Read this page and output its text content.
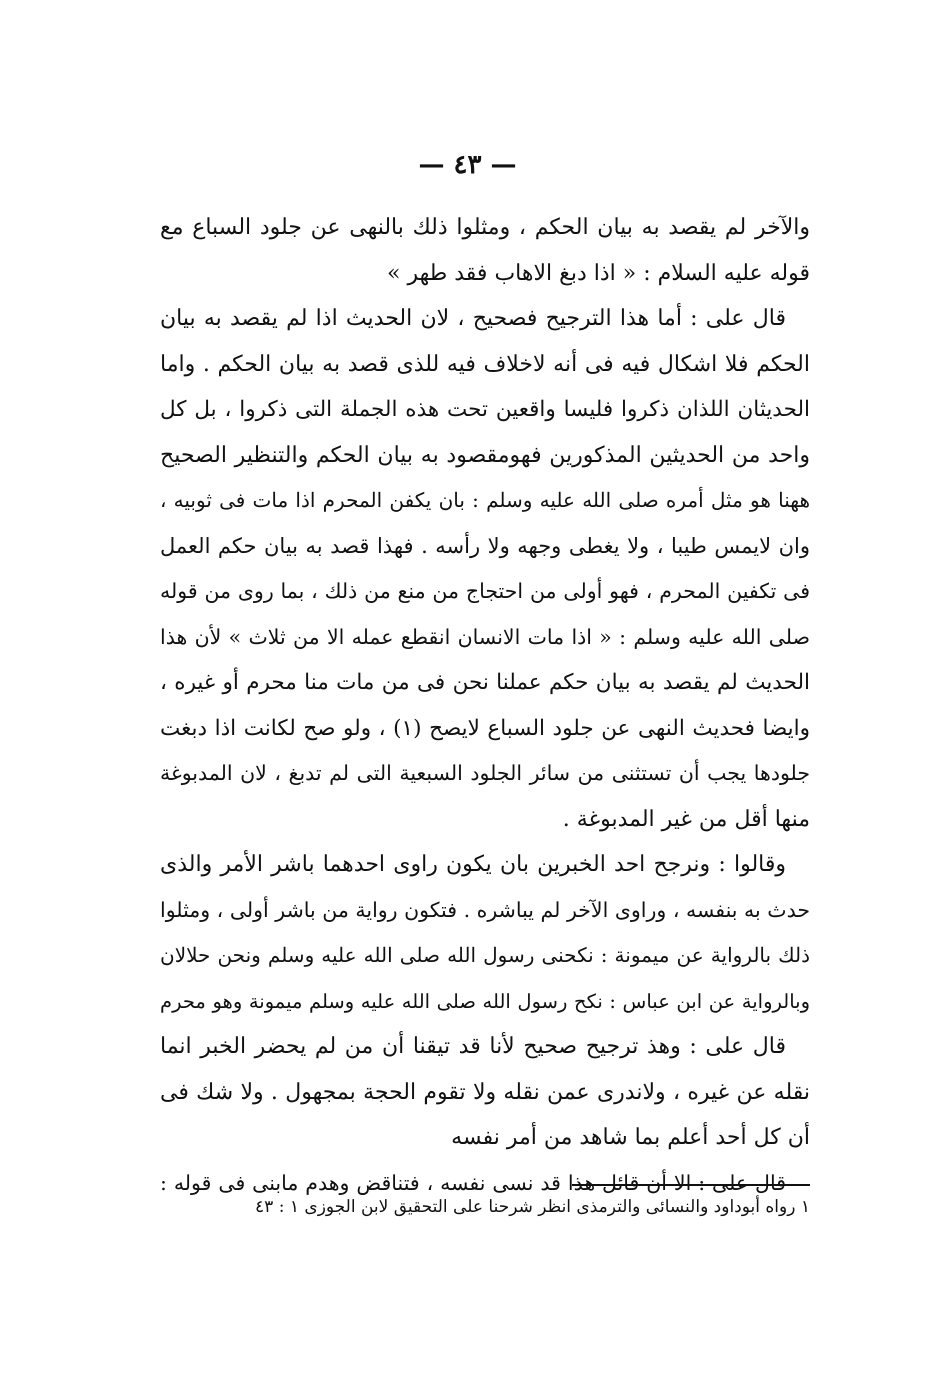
— ٤٣ —
والآخر لم يقصد به بيان الحكم ، ومثلوا ذلك بالنهى عن جلود السباع مع
قوله عليه السلام : « اذا دبغ الاهاب فقد طهر »
قال على : أما هذا الترجيح فصحيح ، لان الحديث اذا لم يقصد به بيان
الحكم فلا اشكال فيه فى أنه لاخلاف فيه للذى قصد به بيان الحكم . واما
الحديثان اللذان ذكروا فليسا واقعين تحت هذه الجملة التى ذكروا ، بل كل
واحد من الحديثين المذكورين فهومقصود به بيان الحكم والتنظير الصحيح
ههنا هو مثل أمره صلى الله عليه وسلم : بان يكفن المحرم اذا مات فى ثوبيه ،
وان لايمس طيبا ، ولا يغطى وجهه ولا رأسه . فهذا قصد به بيان حكم العمل
فى تكفين المحرم ، فهو أولى من احتجاج من منع من ذلك ، بما روى من قوله
صلى الله عليه وسلم : « اذا مات الانسان انقطع عمله الا من ثلاث » لأن هذا
الحديث لم يقصد به بيان حكم عملنا نحن فى من مات منا محرم أو غيره ،
وايضا فحديث النهى عن جلود السباع لايصح (١) ، ولو صح لكانت اذا دبغت
جلودها يجب أن تستثنى من سائر الجلود السبعية التى لم تدبغ ، لان المدبوغة
منها أقل من غير المدبوغة .
وقالوا : ونرجح احد الخبرين بان يكون راوى احدهما باشر الأمر والذى
حدث به بنفسه ، وراوى الآخر لم يباشره . فتكون رواية من باشر أولى ، ومثلوا
ذلك بالرواية عن ميمونة : نكحنى رسول الله صلى الله عليه وسلم ونحن حلالان
وبالرواية عن ابن عباس : نكح رسول الله صلى الله عليه وسلم ميمونة وهو محرم
قال على : وهذ ترجيح صحيح لأنا قد تيقنا أن من لم يحضر الخبر انما
نقله عن غيره ، ولاندرى عمن نقله ولا تقوم الحجة بمجهول . ولا شك فى
أن كل أحد أعلم بما شاهد من أمر نفسه
قال على : الا أن قائل هذا قد نسى نفسه ، فتناقض وهدم مابنى فى قوله :
١ رواه أبوداود والنسائى والترمذى انظر شرحنا على التحقيق لابن الجوزى ١ : ٤٣
